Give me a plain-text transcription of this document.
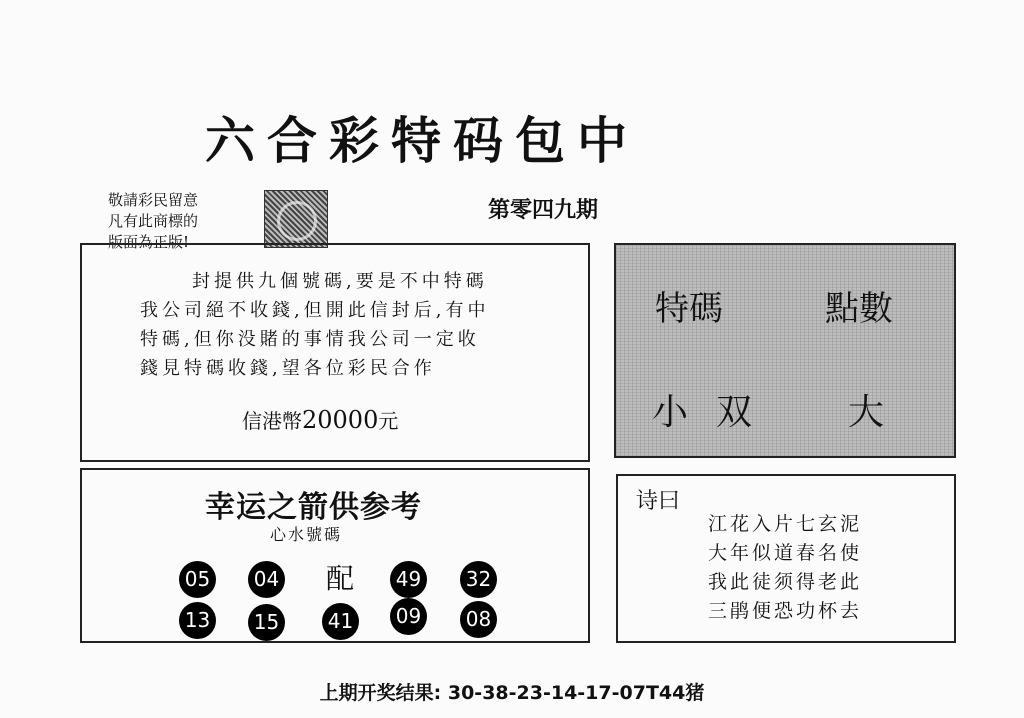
六合彩特码包中
敬請彩民留意
凡有此商標的
版面為正版!
第零四九期
封提供九個號碼,要是不中特碼
我公司絕不收錢,但開此信封后,有中
特碼,但你没賭的事情我公司一定收
錢見特碼收錢,望各位彩民合作
信港幣20000元
特碼	點數
小 双	大
幸运之箭供参考
心水號碼
05 04 配 49 32
13 15 41 09 08
诗曰
江花入片七玄泥
大年似道春名使
我此徒须得老此
三鹃便恐功杯去
上期开奖结果: 30-38-23-14-17-07T44猪
